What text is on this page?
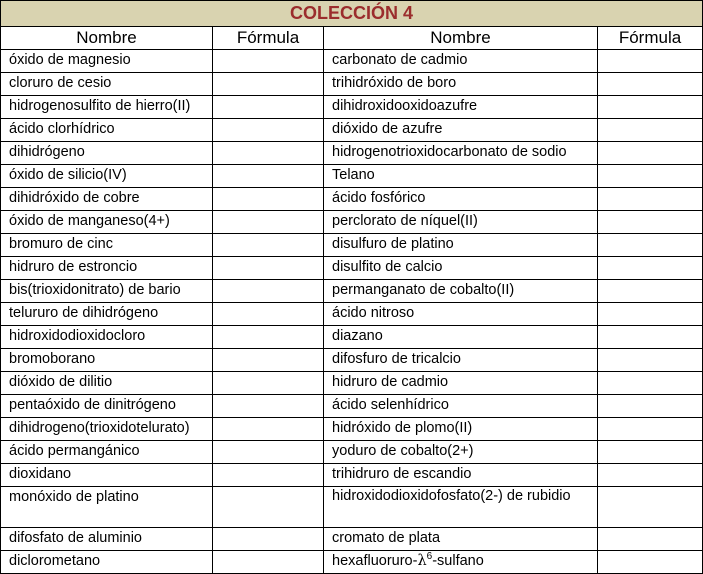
COLECCIÓN 4			
Nombre	Fórmula	Nombre	Fórmula
óxido de magnesio		carbonato de cadmio	
cloruro de cesio		trihidróxido de boro	
hidrogenosulfito de hierro(II)		dihidroxidooxidoazufre	
ácido clorhídrico		dióxido de azufre	
dihidrógeno		hidrogenotrioxidocarbonato de sodio	
óxido de silicio(IV)		Telano	
dihidróxido de cobre		ácido fosfórico	
óxido de manganeso(4+)		perclorato de níquel(II)	
bromuro de cinc		disulfuro de platino	
hidruro de estroncio		disulfito de calcio	
bis(trioxidonitrato) de bario		permanganato de cobalto(II)	
telururo de dihidrógeno		ácido nitroso	
hidroxidodioxidocloro		diazano	
bromoborano		difosfuro de tricalcio	
dióxido de dilitio		hidruro de cadmio	
pentaóxido de dinitrógeno		ácido selenhídrico	
dihidrogeno(trioxidotelurato)		hidróxido de plomo(II)	
ácido permangánico		yoduro de cobalto(2+)	
dioxidano		trihidruro de escandio	
monóxido de platino		hidroxidodioxidofosfato(2-) de rubidio	
difosfato de aluminio		cromato de plata	
diclorometano		hexafluoruro-$\lambda^6$-sulfano	
